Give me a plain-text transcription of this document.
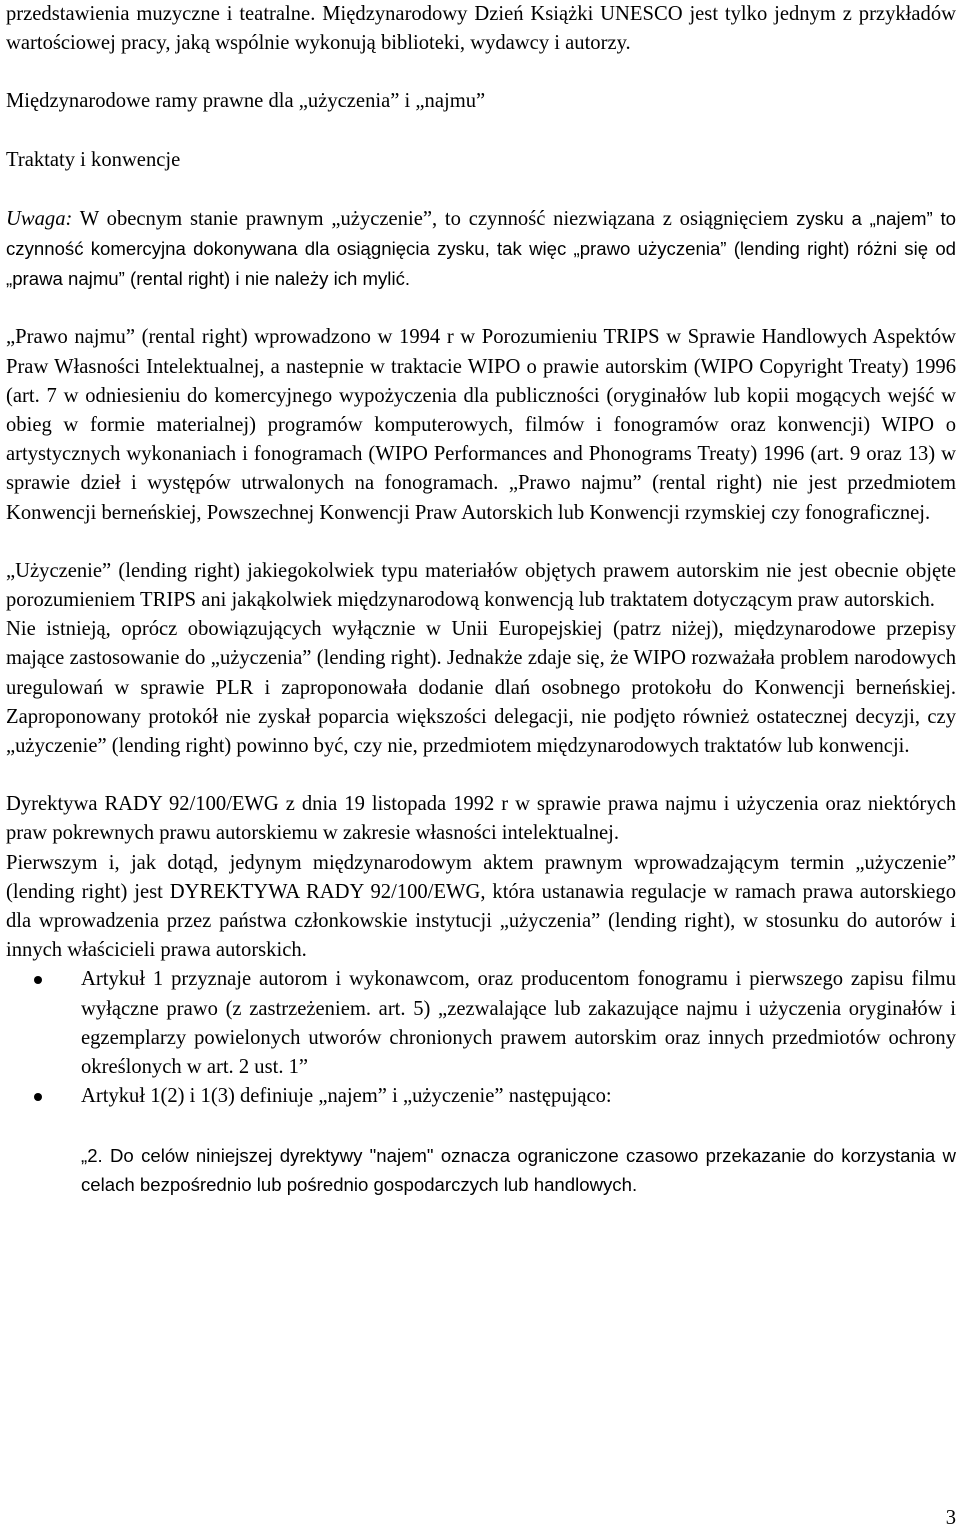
przedstawienia muzyczne i teatralne. Międzynarodowy Dzień Książki UNESCO jest tylko jednym z przykładów wartościowej pracy, jaką wspólnie wykonują biblioteki, wydawcy i autorzy.

Międzynarodowe ramy prawne dla „użyczenia” i „najmu”

Traktaty i konwencje

Uwaga: W obecnym stanie prawnym „użyczenie”, to czynność niezwiązana z osiągnięciem zysku a „najem” to czynność komercyjna dokonywana dla osiągnięcia zysku, tak więc „prawo użyczenia” (lending right) różni się od „prawa najmu” (rental right) i nie należy ich mylić.

„Prawo najmu” (rental right) wprowadzono w 1994 r w Porozumieniu TRIPS w Sprawie Handlowych Aspektów Praw Własności Intelektualnej, a nastepnie w traktacie WIPO o prawie autorskim (WIPO Copyright Treaty) 1996 (art. 7 w odniesieniu do komercyjnego wypożyczenia dla publiczności (oryginałów lub kopii mogących wejść w obieg w formie materialnej) programów komputerowych, filmów i fonogramów oraz konwencji) WIPO o artystycznych wykonaniach i fonogramach (WIPO Performances and Phonograms Treaty) 1996 (art. 9 oraz 13) w sprawie dzieł i występów utrwalonych na fonogramach. „Prawo najmu” (rental right) nie jest przedmiotem Konwencji berneńskiej, Powszechnej Konwencji Praw Autorskich lub Konwencji rzymskiej czy fonograficznej.

„Użyczenie” (lending right) jakiegokolwiek typu materiałów objętych prawem autorskim nie jest obecnie objęte porozumieniem TRIPS ani jakąkolwiek międzynarodową konwencją lub traktatem dotyczącym praw autorskich.

Nie istnieją, oprócz obowiązujących wyłącznie w Unii Europejskiej (patrz niżej), międzynarodowe przepisy mające zastosowanie do „użyczenia” (lending right). Jednakże zdaje się, że WIPO rozważała problem narodowych uregulowań w sprawie PLR i zaproponowała dodanie dlań osobnego protokołu do Konwencji berneńskiej. Zaproponowany protokół nie zyskał poparcia większości delegacji, nie podjęto również ostatecznej decyzji, czy „użyczenie” (lending right) powinno być, czy nie, przedmiotem międzynarodowych traktatów lub konwencji.

Dyrektywa RADY 92/100/EWG z dnia 19 listopada 1992 r w sprawie prawa najmu i użyczenia oraz niektórych praw pokrewnych prawu autorskiemu w zakresie własności intelektualnej.

Pierwszym i, jak dotąd, jedynym międzynarodowym aktem prawnym wprowadzającym termin „użyczenie” (lending right) jest DYREKTYWA RADY 92/100/EWG, która ustanawia regulacje w ramach prawa autorskiego dla wprowadzenia przez państwa członkowskie instytucji „użyczenia” (lending right), w stosunku do autorów i innych właścicieli prawa autorskich.

Artykuł 1 przyznaje autorom i wykonawcom, oraz producentom fonogramu i pierwszego zapisu filmu wyłączne prawo (z zastrzeżeniem. art. 5) „zezwalające lub zakazujące najmu i użyczenia oryginałów i egzemplarzy powielonych utworów chronionych prawem autorskim oraz innych przedmiotów ochrony określonych w art. 2 ust. 1”
Artykuł 1(2) i 1(3) definiuje „najem” i „użyczenie” następująco:

„2. Do celów niniejszej dyrektywy "najem" oznacza ograniczone czasowo przekazanie do korzystania w celach bezpośrednio lub pośrednio gospodarczych lub handlowych.

3
